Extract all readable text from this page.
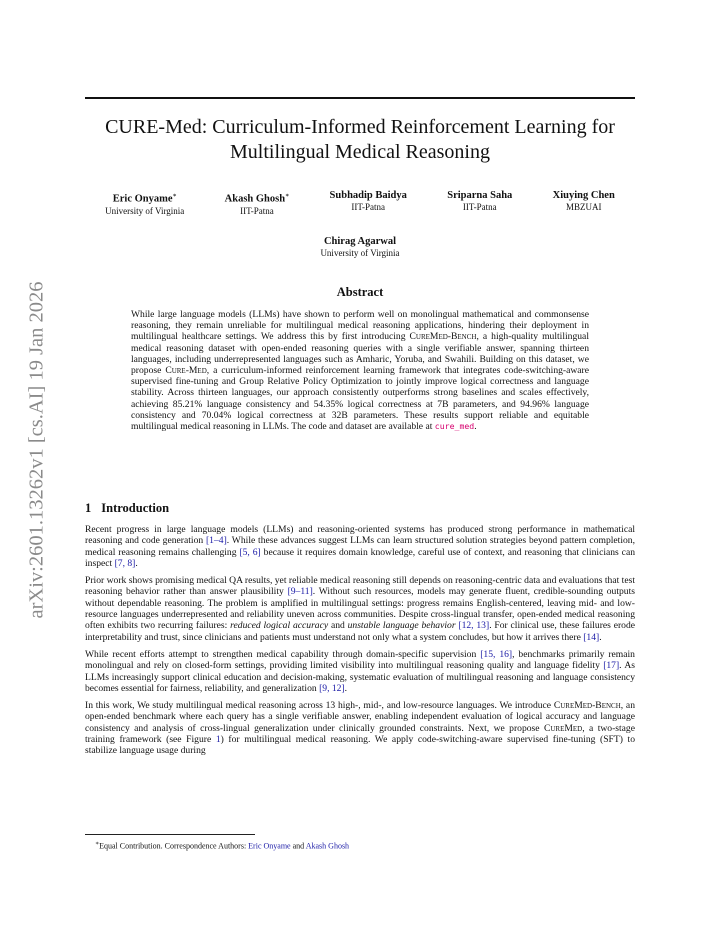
arXiv:2601.13262v1 [cs.AI] 19 Jan 2026
CURE-Med: Curriculum-Informed Reinforcement Learning for
Multilingual Medical Reasoning
Eric Onyame∗
University of Virginia
Akash Ghosh∗
IIT-Patna
Subhadip Baidya
IIT-Patna
Sriparna Saha
IIT-Patna
Xiuying Chen
MBZUAI
Chirag Agarwal
University of Virginia
Abstract
While large language models (LLMs) have shown to perform well on monolingual mathematical and commonsense reasoning, they remain unreliable for multilingual medical reasoning applications, hindering their deployment in multilingual healthcare settings. We address this by first introducing CureMed-Bench, a high-quality multilingual medical reasoning dataset with open-ended reasoning queries with a single verifiable answer, spanning thirteen languages, including underrepresented languages such as Amharic, Yoruba, and Swahili. Building on this dataset, we propose Cure-Med, a curriculum-informed reinforcement learning framework that integrates code-switching-aware supervised fine-tuning and Group Relative Policy Optimization to jointly improve logical correctness and language stability. Across thirteen languages, our approach consistently outperforms strong baselines and scales effectively, achieving 85.21% language consistency and 54.35% logical correctness at 7B parameters, and 94.96% language consistency and 70.04% logical correctness at 32B parameters. These results support reliable and equitable multilingual medical reasoning in LLMs. The code and dataset are available at cure_med.
1 Introduction

Recent progress in large language models (LLMs) and reasoning-oriented systems has produced strong performance in mathematical reasoning and code generation [1–4]. While these advances suggest LLMs can learn structured solution strategies beyond pattern completion, medical reasoning remains challenging [5, 6] because it requires domain knowledge, careful use of context, and reasoning that clinicians can inspect [7, 8].

Prior work shows promising medical QA results, yet reliable medical reasoning still depends on reasoning-centric data and evaluations that test reasoning behavior rather than answer plausibility [9–11]. Without such resources, models may generate fluent, credible-sounding outputs without dependable reasoning. The problem is amplified in multilingual settings: progress remains English-centered, leaving mid- and low-resource languages underrepresented and reliability uneven across communities. Despite cross-lingual transfer, open-ended medical reasoning often exhibits two recurring failures: reduced logical accuracy and unstable language behavior [12, 13]. For clinical use, these failures erode interpretability and trust, since clinicians and patients must understand not only what a system concludes, but how it arrives there [14].

While recent efforts attempt to strengthen medical capability through domain-specific supervision [15, 16], benchmarks primarily remain monolingual and rely on closed-form settings, providing limited visibility into multilingual reasoning quality and language fidelity [17]. As LLMs increasingly support clinical education and decision-making, systematic evaluation of multilingual reasoning and language consistency becomes essential for fairness, reliability, and generalization [9, 12].

In this work, We study multilingual medical reasoning across 13 high-, mid-, and low-resource languages. We introduce CureMed-Bench, an open-ended benchmark where each query has a single verifiable answer, enabling independent evaluation of logical accuracy and language consistency and analysis of cross-lingual generalization under clinically grounded constraints. Next, we propose CureMed, a two-stage training framework (see Figure 1) for multilingual medical reasoning. We apply code-switching-aware supervised fine-tuning (SFT) to stabilize language usage during

∗Equal Contribution. Correspondence Authors: Eric Onyame and Akash Ghosh
